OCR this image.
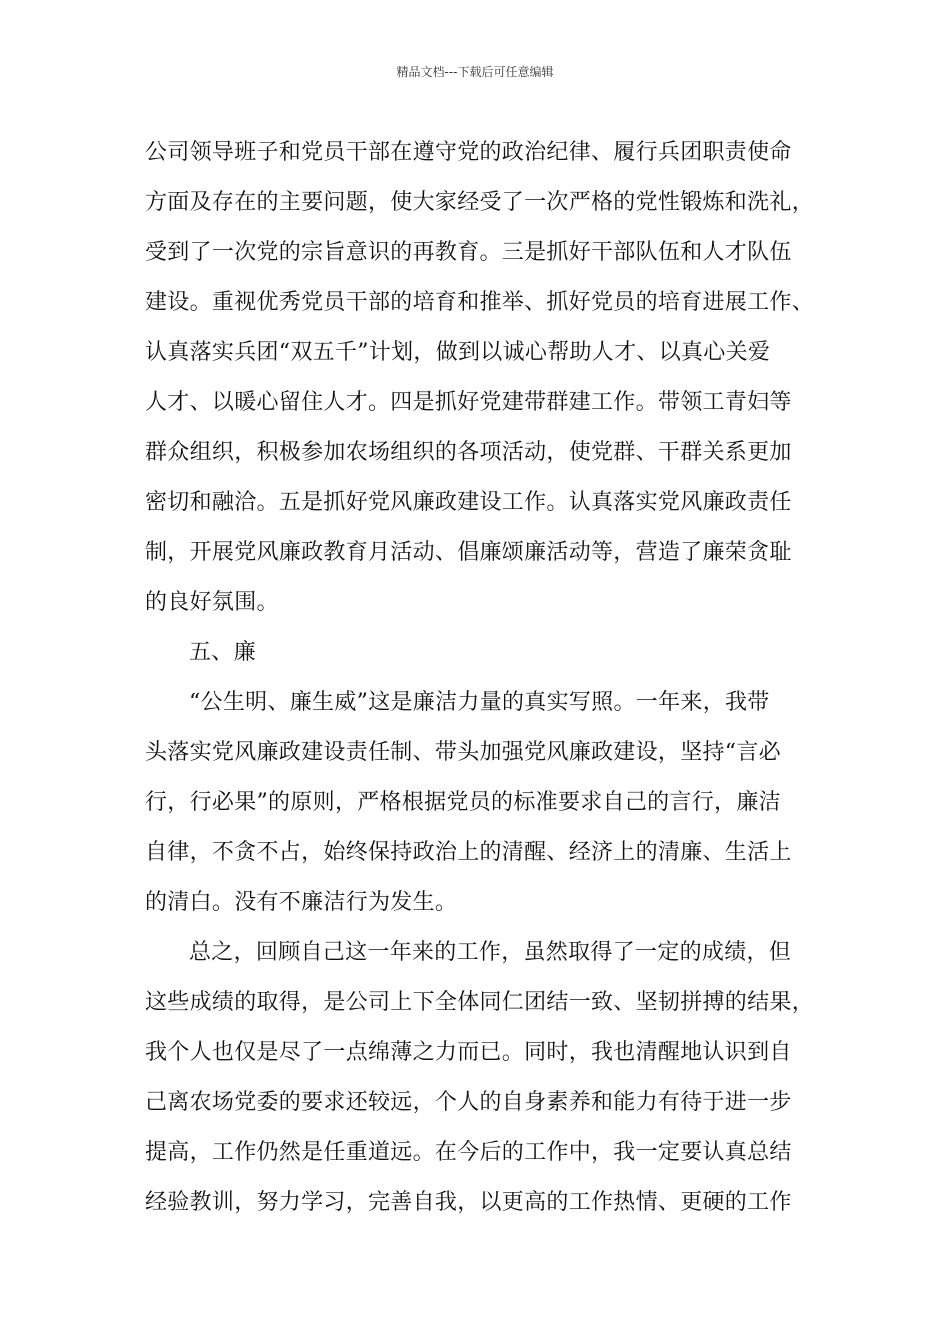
精品文档---下载后可任意编辑
公司领导班子和党员干部在遵守党的政治纪律、履行兵团职责使命
方面及存在的主要问题，使大家经受了一次严格的党性锻炼和洗礼，
受到了一次党的宗旨意识的再教育。三是抓好干部队伍和人才队伍
建设。重视优秀党员干部的培育和推举、抓好党员的培育进展工作、
认真落实兵团“双五千”计划，做到以诚心帮助人才、以真心关爱
人才、以暖心留住人才。四是抓好党建带群建工作。带领工青妇等
群众组织，积极参加农场组织的各项活动，使党群、干群关系更加
密切和融洽。五是抓好党风廉政建设工作。认真落实党风廉政责任
制，开展党风廉政教育月活动、倡廉颂廉活动等，营造了廉荣贪耻
的良好氛围。
五、廉
“公生明、廉生威”这是廉洁力量的真实写照。一年来，我带
头落实党风廉政建设责任制、带头加强党风廉政建设，坚持“言必
行，行必果”的原则，严格根据党员的标准要求自己的言行，廉洁
自律，不贪不占，始终保持政治上的清醒、经济上的清廉、生活上
的清白。没有不廉洁行为发生。
总之，回顾自己这一年来的工作，虽然取得了一定的成绩，但
这些成绩的取得，是公司上下全体同仁团结一致、坚韧拼搏的结果，
我个人也仅是尽了一点绵薄之力而已。同时，我也清醒地认识到自
己离农场党委的要求还较远，个人的自身素养和能力有待于进一步
提高，工作仍然是任重道远。在今后的工作中，我一定要认真总结
经验教训，努力学习，完善自我，以更高的工作热情、更硬的工作
